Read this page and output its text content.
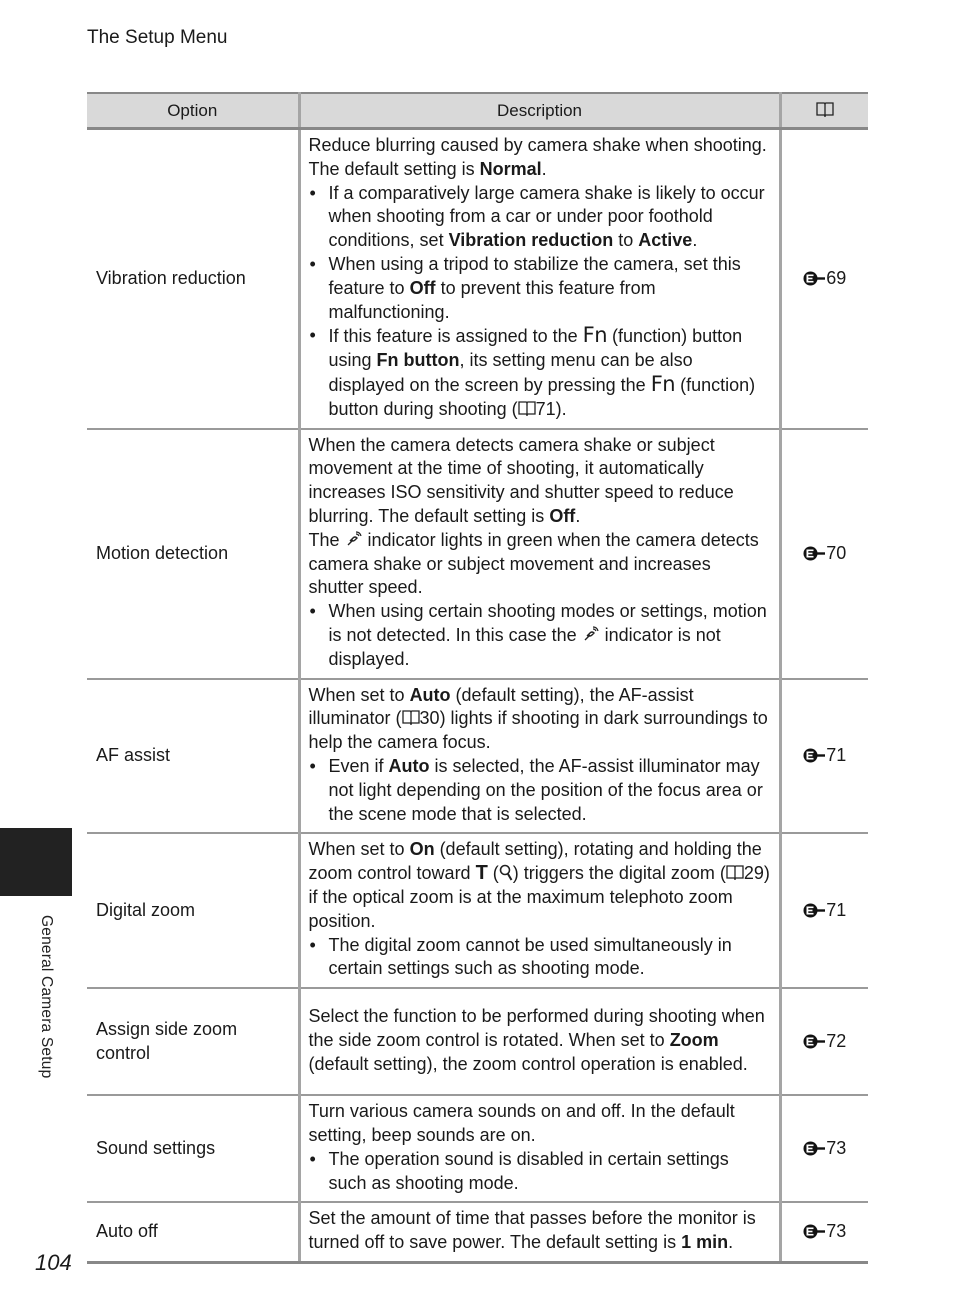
The Setup Menu
General Camera Setup
Option	Description	
Vibration reduction	Reduce blurring caused by camera shake when shooting. The default setting is Normal.
• If a comparatively large camera shake is likely to occur when shooting from a car or under poor foothold conditions, set Vibration reduction to Active.
• When using a tripod to stabilize the camera, set this feature to Off to prevent this feature from malfunctioning.
• If this feature is assigned to the Fn (function) button using Fn button, its setting menu can be also displayed on the screen by pressing the Fn (function) button during shooting ( 71).	69
Motion detection	When the camera detects camera shake or subject movement at the time of shooting, it automatically increases ISO sensitivity and shutter speed to reduce blurring. The default setting is Off.
The  indicator lights in green when the camera detects camera shake or subject movement and increases shutter speed.
• When using certain shooting modes or settings, motion is not detected. In this case the  indicator is not displayed.	70
AF assist	When set to Auto (default setting), the AF-assist illuminator ( 30) lights if shooting in dark surroundings to help the camera focus.
• Even if Auto is selected, the AF-assist illuminator may not light depending on the position of the focus area or the scene mode that is selected.	71
Digital zoom	When set to On (default setting), rotating and holding the zoom control toward T ( ) triggers the digital zoom ( 29) if the optical zoom is at the maximum telephoto zoom position.
• The digital zoom cannot be used simultaneously in certain settings such as shooting mode.	71
Assign side zoom control	Select the function to be performed during shooting when the side zoom control is rotated. When set to Zoom (default setting), the zoom control operation is enabled.	72
Sound settings	Turn various camera sounds on and off. In the default setting, beep sounds are on.
• The operation sound is disabled in certain settings such as shooting mode.	73
Auto off	Set the amount of time that passes before the monitor is turned off to save power. The default setting is 1 min.	73
104
